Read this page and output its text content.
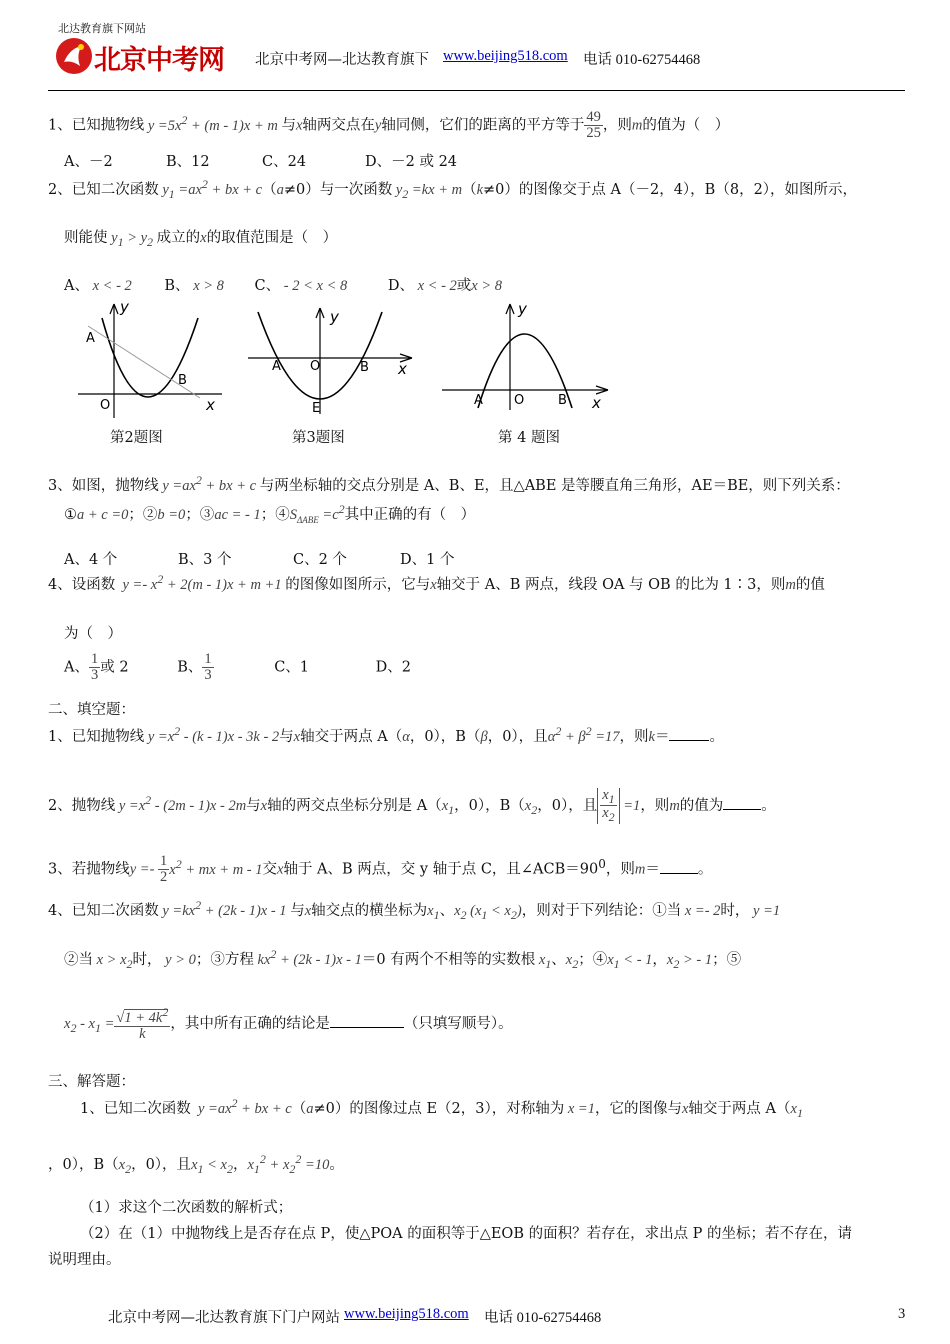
北达教育旗下网站
北京中考网 北京中考网—北达教育旗下 www.beijing518.com 电话 010-62754468
1、已知抛物线 $y =5x^2 + (m - 1)x + m$ 与x轴两交点在y轴同侧，它们的距离的平方等于 $\frac{49}{25}$ ，则m的值为（　）
A、－2	B、12	C、24	D、－2 或 24
2、已知二次函数 $y_1 =ax^2$ + bx + c（a≠0）与一次函数 $y_2 =kx + m(k\ne 0)$的图像交于点 A（－2，4），B（8，2），如图所示，
则能使 $y_1 > y_2$ 成立的x的取值范围是（　）
A、 x < - 2 B、 x > 8 C、 - 2 < x < 8	D、 x < - 2或x > 8
y
A
B
O	x
第2题图
y
A O	B x
E
第3题图
y
A O	B x
第 4 题图
3、如图，抛物线 $y =ax^2$ + bx + c 与两坐标轴的交点分别是 A、B、E，且△ABE 是等腰直角三角形，AE＝BE，则下列关系：
①a + c =0；②b =0；③ac = - 1；$④S_{\Delta ABE} =c^2$其中正确的有（　）
A、4 个	B、3 个	C、2 个	D、1 个
4、设函数  $y =- x^2 + 2(m - 1)x + m +1$ 的图像如图所示，它与x轴交于 A、B 两点，线段 OA 与 OB 的比为 1∶3，则m的值
为（　）
A、 $\frac{1}{3}$ 或 2	B、 $\frac{1}{3}$	C、1	D、2
二、填空题：
1、已知抛物线 $y =x^2 - (k - 1)x - 3k - 2$与x轴交于两点 A（α，0），B（β，0），且$\alpha^2 + \beta^2 =17$，则k＝	。
2、抛物线 $y =x^2 - (2m - 1)x - 2m$与x轴的两交点坐标分别是 $A(x_1$，0），$B(x_2$，0），且 $\frac{x_1}{x_2} =1$，则m的值为	。
3、若抛物线$y =- \frac{1}{2} x^2$ + mx + m - 1交x轴于 A、B 两点，交 y 轴于点 C，且$\angle ACB=90^0$，则m＝	。
4、已知二次函数 $y =kx^2 + (2k - 1)x - 1$ 与x轴交点的横坐标为$x_1$、$x_2$ $(x_1 < x_2)$，则对于下列结论：①当 x =- 2时， y =1
②当 $x > x_2$时， y > 0；③方程 $kx^2 + (2k - 1)x - 1=0$ 有两个不相等的实数根 $x_1$、$x_2$；$④x_1$ < - 1，$x_2$ > - 1；⑤
$x_2 - x_1 = \frac{√1 + 4k^2}{k}$ ，其中所有正确的结论是	（只填写顺号）。
三、解答题：
1、已知二次函数  $y =ax^2$ + bx + c（a≠0）的图像过点 E（2，3），对称轴为 x =1，它的图像与x轴交于两点 $A(x_1$
，0），$B(x_2$，0），且$x_1 < x_2$，$x_1^2 + x_2^2 =10$。
（1）求这个二次函数的解析式；
（2）在（1）中抛物线上是否存在点 P，使△POA 的面积等于△EOB 的面积？若存在，求出点 P 的坐标；若不存在，请
说明理由。
北京中考网—北达教育旗下门户网站 www.beijing518.com 电话 010-62754468	3
